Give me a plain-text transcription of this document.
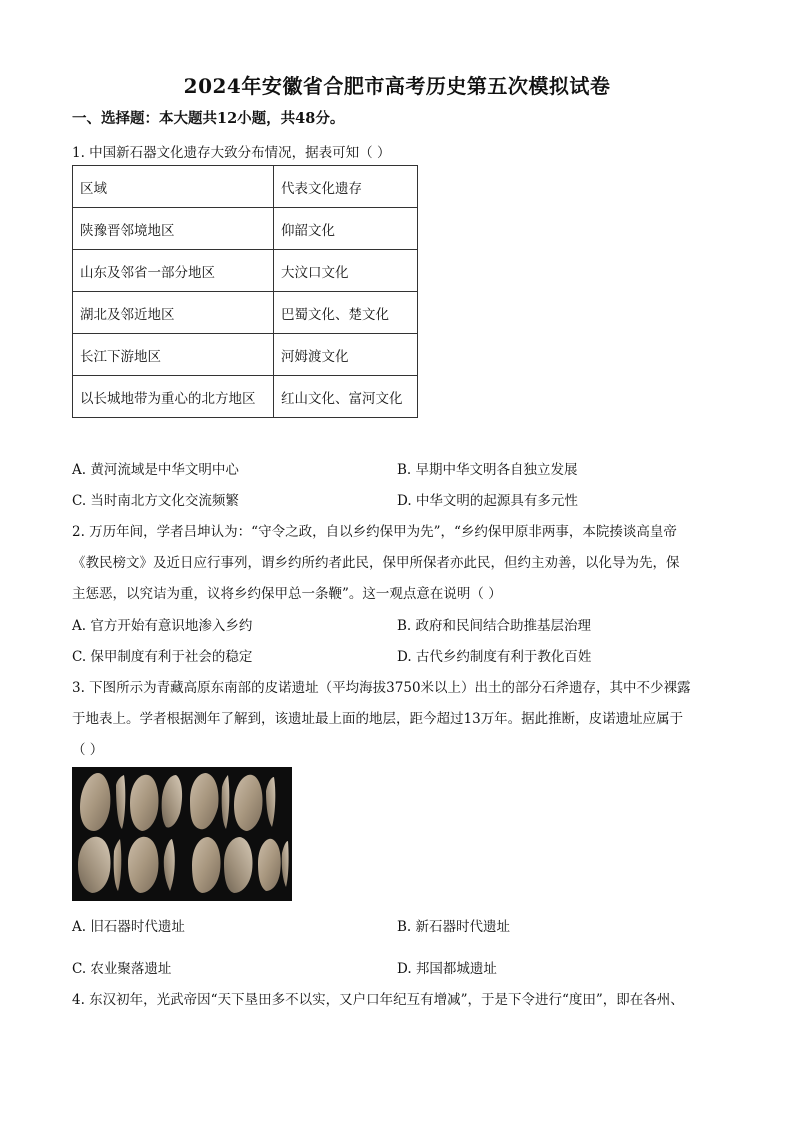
2024年安徽省合肥市高考历史第五次模拟试卷
一、选择题：本大题共12小题，共48分。
1. 中国新石器文化遗存大致分布情况，据表可知（ ）
区域	代表文化遗存
陕豫晋邻境地区	仰韶文化
山东及邻省一部分地区	大汶口文化
湖北及邻近地区	巴蜀文化、楚文化
长江下游地区	河姆渡文化
以长城地带为重心的北方地区	红山文化、富河文化
A. 黄河流域是中华文明中心	B. 早期中华文明各自独立发展
C. 当时南北方文化交流频繁	D. 中华文明的起源具有多元性
2. 万历年间，学者吕坤认为：“守令之政，自以乡约保甲为先”，“乡约保甲原非两事，本院揍谈高皇帝
《教民榜文》及近日应行事列，谓乡约所约者此民，保甲所保者亦此民，但约主劝善，以化导为先，保
主惩恶，以究诘为重，议将乡约保甲总一条鞭”。这一观点意在说明（ ）
A. 官方开始有意识地渗入乡约	B. 政府和民间结合助推基层治理
C. 保甲制度有利于社会的稳定	D. 古代乡约制度有利于教化百姓
3. 下图所示为青藏高原东南部的皮诺遗址（平均海拔3750米以上）出土的部分石斧遗存，其中不少裸露
于地表上。学者根据测年了解到，该遗址最上面的地层，距今超过13万年。据此推断，皮诺遗址应属于
（ ）
A. 旧石器时代遗址	B. 新石器时代遗址
C. 农业聚落遗址	D. 邦国都城遗址
4. 东汉初年，光武帝因“天下垦田多不以实，又户口年纪互有增减”，于是下令进行“度田”，即在各州、
